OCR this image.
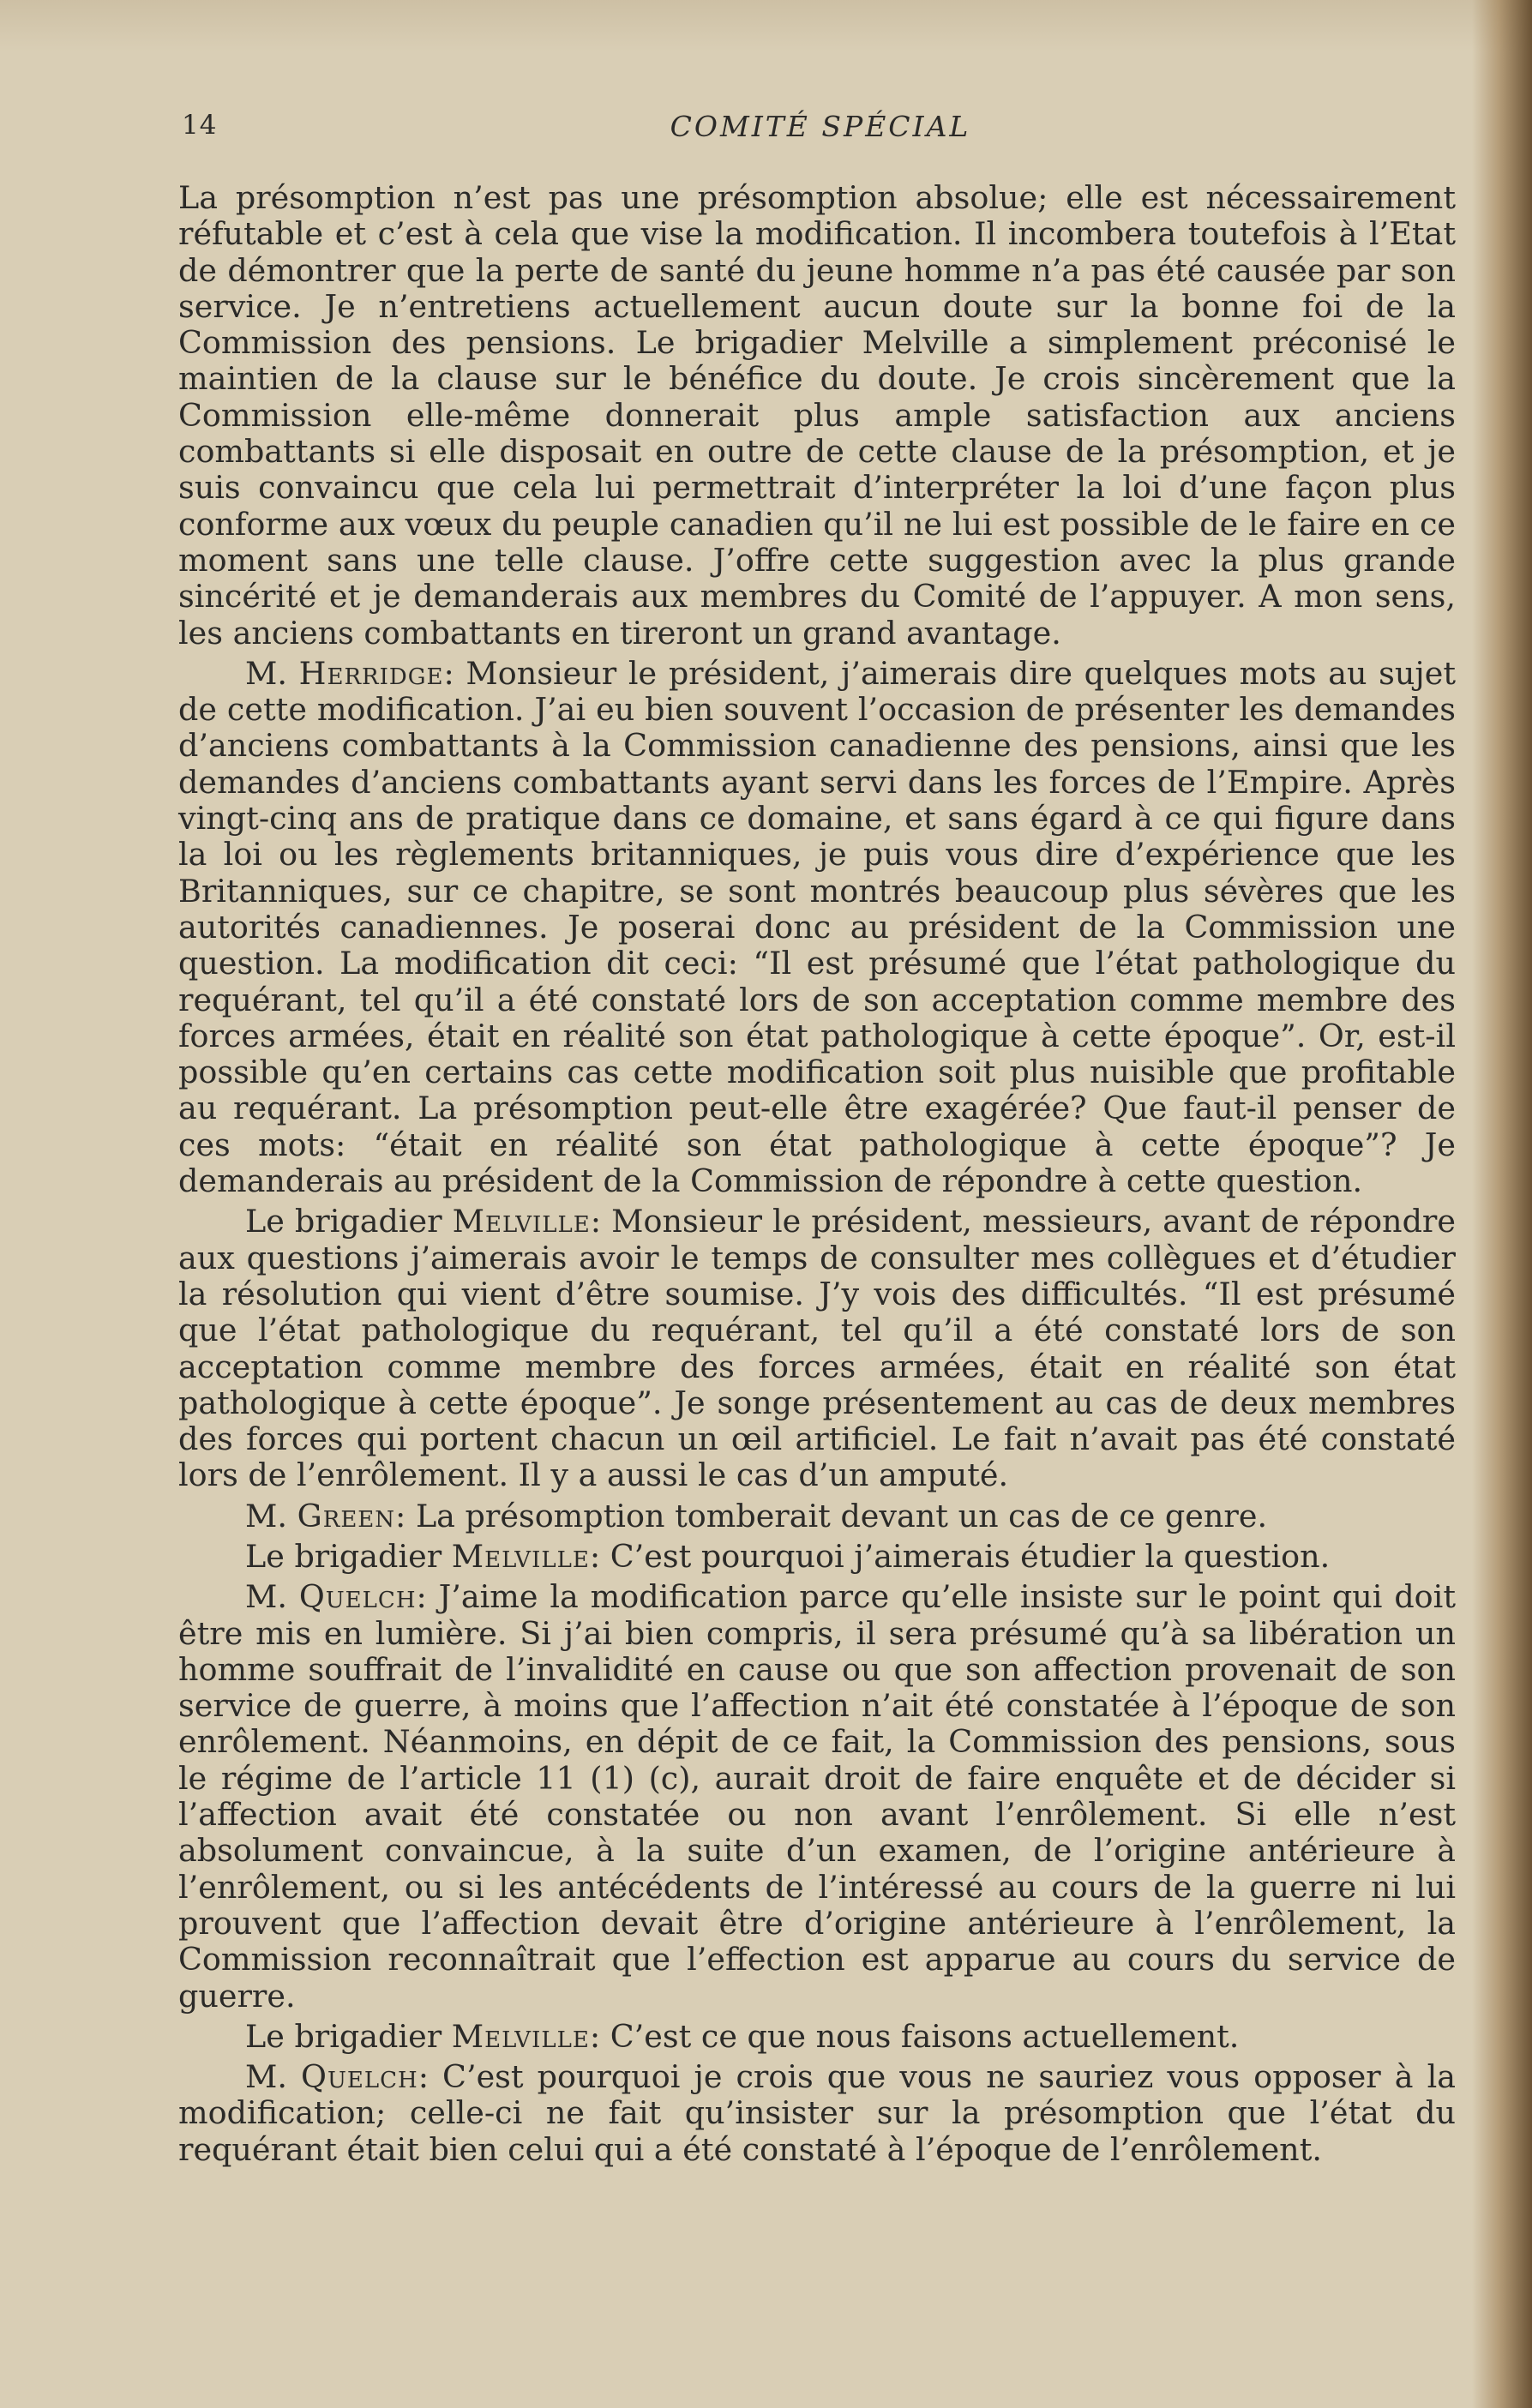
14	COMITÉ SPÉCIAL

La présomption n’est pas une présomption absolue; elle est nécessairement réfutable et c’est à cela que vise la modification. Il incombera toutefois à l’Etat de démontrer que la perte de santé du jeune homme n’a pas été causée par son service. Je n’entretiens actuellement aucun doute sur la bonne foi de la Commission des pensions. Le brigadier Melville a simplement préconisé le maintien de la clause sur le bénéfice du doute. Je crois sincèrement que la Commission elle-même donnerait plus ample satisfaction aux anciens combattants si elle disposait en outre de cette clause de la présomption, et je suis convaincu que cela lui permettrait d’interpréter la loi d’une façon plus conforme aux vœux du peuple canadien qu’il ne lui est possible de le faire en ce moment sans une telle clause. J’offre cette suggestion avec la plus grande sincérité et je demanderais aux membres du Comité de l’appuyer. A mon sens, les anciens combattants en tireront un grand avantage.

M. Herridge: Monsieur le président, j’aimerais dire quelques mots au sujet de cette modification. J’ai eu bien souvent l’occasion de présenter les demandes d’anciens combattants à la Commission canadienne des pensions, ainsi que les demandes d’anciens combattants ayant servi dans les forces de l’Empire. Après vingt-cinq ans de pratique dans ce domaine, et sans égard à ce qui figure dans la loi ou les règlements britanniques, je puis vous dire d’expérience que les Britanniques, sur ce chapitre, se sont montrés beaucoup plus sévères que les autorités canadiennes. Je poserai donc au président de la Commission une question. La modification dit ceci: “Il est présumé que l’état pathologique du requérant, tel qu’il a été constaté lors de son acceptation comme membre des forces armées, était en réalité son état pathologique à cette époque”. Or, est-il possible qu’en certains cas cette modification soit plus nuisible que profitable au requérant. La présomption peut-elle être exagérée? Que faut-il penser de ces mots: “était en réalité son état pathologique à cette époque”? Je demanderais au président de la Commission de répondre à cette question.

Le brigadier Melville: Monsieur le président, messieurs, avant de répondre aux questions j’aimerais avoir le temps de consulter mes collègues et d’étudier la résolution qui vient d’être soumise. J’y vois des difficultés. “Il est présumé que l’état pathologique du requérant, tel qu’il a été constaté lors de son acceptation comme membre des forces armées, était en réalité son état pathologique à cette époque”. Je songe présentement au cas de deux membres des forces qui portent chacun un œil artificiel. Le fait n’avait pas été constaté lors de l’enrôlement. Il y a aussi le cas d’un amputé.

M. Green: La présomption tomberait devant un cas de ce genre.

Le brigadier Melville: C’est pourquoi j’aimerais étudier la question.

M. Quelch: J’aime la modification parce qu’elle insiste sur le point qui doit être mis en lumière. Si j’ai bien compris, il sera présumé qu’à sa libération un homme souffrait de l’invalidité en cause ou que son affection provenait de son service de guerre, à moins que l’affection n’ait été constatée à l’époque de son enrôlement. Néanmoins, en dépit de ce fait, la Commission des pensions, sous le régime de l’article 11 (1) (c), aurait droit de faire enquête et de décider si l’affection avait été constatée ou non avant l’enrôlement. Si elle n’est absolument convaincue, à la suite d’un examen, de l’origine antérieure à l’enrôlement, ou si les antécédents de l’intéressé au cours de la guerre ni lui prouvent que l’affection devait être d’origine antérieure à l’enrôlement, la Commission reconnaîtrait que l’effection est apparue au cours du service de guerre.

Le brigadier Melville: C’est ce que nous faisons actuellement.

M. Quelch: C’est pourquoi je crois que vous ne sauriez vous opposer à la modification; celle-ci ne fait qu’insister sur la présomption que l’état du requérant était bien celui qui a été constaté à l’époque de l’enrôlement.
